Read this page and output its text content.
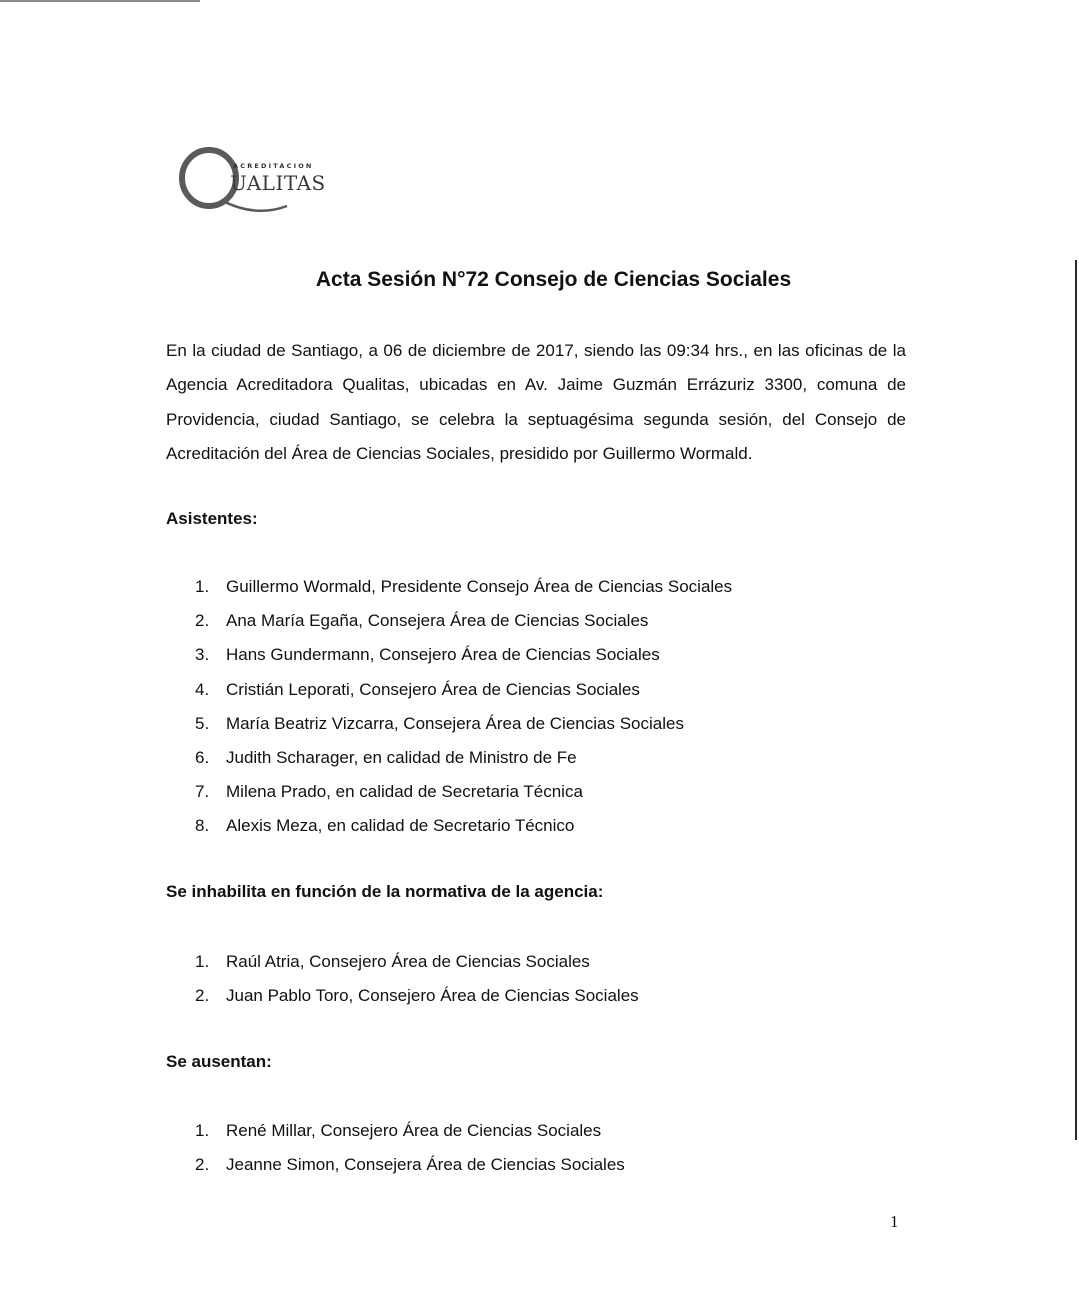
ACREDITACION
UALITAS
Acta Sesión N°72 Consejo de Ciencias Sociales

En la ciudad de Santiago, a 06 de diciembre de 2017, siendo las 09:34 hrs., en las oficinas de la Agencia Acreditadora Qualitas, ubicadas en Av. Jaime Guzmán Errázuriz 3300, comuna de Providencia, ciudad Santiago, se celebra la septuagésima segunda sesión, del Consejo de Acreditación del Área de Ciencias Sociales, presidido por Guillermo Wormald.

Asistentes:
1. Guillermo Wormald, Presidente Consejo Área de Ciencias Sociales
2. Ana María Egaña, Consejera Área de Ciencias Sociales
3. Hans Gundermann, Consejero Área de Ciencias Sociales
4. Cristián Leporati, Consejero Área de Ciencias Sociales
5. María Beatriz Vizcarra, Consejera Área de Ciencias Sociales
6. Judith Scharager, en calidad de Ministro de Fe
7. Milena Prado, en calidad de Secretaria Técnica
8. Alexis Meza, en calidad de Secretario Técnico
Se inhabilita en función de la normativa de la agencia:
1. Raúl Atria, Consejero Área de Ciencias Sociales
2. Juan Pablo Toro, Consejero Área de Ciencias Sociales
Se ausentan:
1. René Millar, Consejero Área de Ciencias Sociales
2. Jeanne Simon, Consejera Área de Ciencias Sociales
1
